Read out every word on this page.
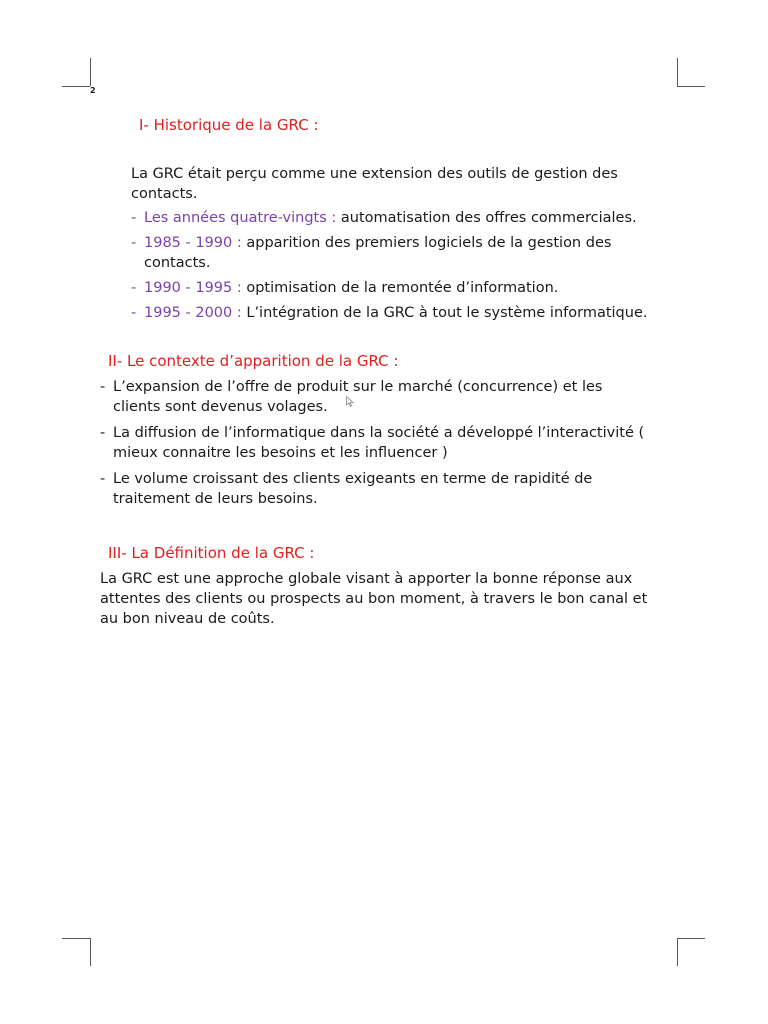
2
I- Historique de la GRC :
La GRC était perçu comme une extension des outils de gestion des contacts.
- Les années quatre-vingts : automatisation des offres commerciales.
- 1985 - 1990 : apparition des premiers logiciels de la gestion des contacts.
- 1990 - 1995 : optimisation de la remontée d’information.
- 1995 - 2000 : L’intégration de la GRC à tout le système informatique.
II- Le contexte d’apparition de la GRC :
- L’expansion de l’offre de produit sur le marché (concurrence) et les clients sont devenus volages.
- La diffusion de l’informatique dans la société a développé l’interactivité ( mieux connaitre les besoins et les influencer )
- Le volume croissant des clients exigeants en terme de rapidité de traitement de leurs besoins.
III- La Définition de la GRC :
La GRC est une approche globale visant à apporter la bonne réponse aux attentes des clients ou prospects au bon moment, à travers le bon canal et au bon niveau de coûts.
